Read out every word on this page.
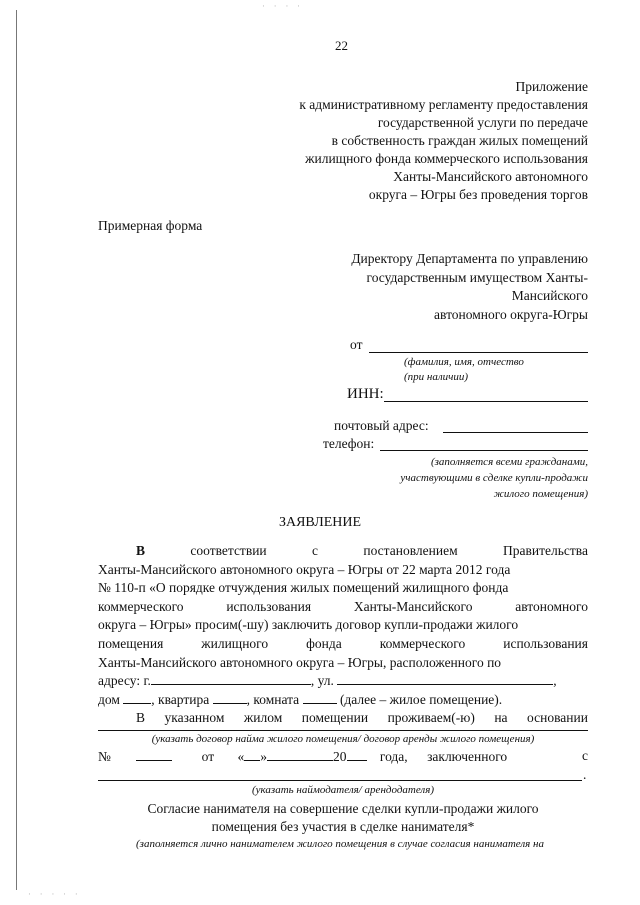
· · · ·
· · · · ·
22
Приложение
к административному регламенту предоставления
государственной услуги по передаче
в собственность граждан жилых помещений
жилищного фонда коммерческого использования
Ханты-Мансийского автономного
округа – Югры без проведения торгов
Примерная форма
Директору Департамента по управлению
государственным имуществом Ханты-
Мансийского
автономного округа-Югры
от
(фамилия, имя, отчество
(при наличии)
ИНН:
почтовый адрес:
телефон:
(заполняется всеми гражданами,
участвующими в сделке купли-продажи
жилого помещения)
ЗАЯВЛЕНИЕ
В	соответствии	с	постановлением	Правительства
Ханты-Мансийского автономного округа – Югры от 22 марта 2012 года
№ 110-п «О порядке отчуждения жилых помещений жилищного фонда
коммерческого	использования	Ханты-Мансийского	автономного
округа – Югры» просим(-шу) заключить договор купли-продажи жилого
помещения	жилищного	фонда	коммерческого	использования
Ханты-Мансийского автономного округа – Югры, расположенного по
адресу: г.	, ул.	,
дом , квартира	, комната	(далее – жилое помещение).
В указанном жилом помещении проживаем(-ю) на основании
(указать договор найма жилого помещения/ договор аренды жилого помещения)
№	от « »	20 года, заключенного	с
.
(указать наймодателя/ арендодателя)
Согласие нанимателя на совершение сделки купли-продажи жилого
помещения без участия в сделке нанимателя*
(заполняется лично нанимателем жилого помещения в случае согласия нанимателя на
